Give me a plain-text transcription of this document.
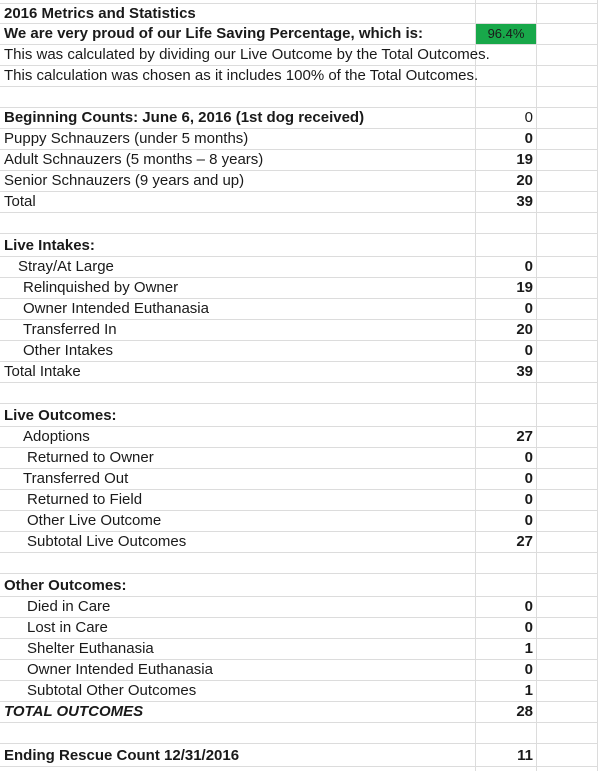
2016 Metrics and Statistics
We are very proud of our Life Saving Percentage, which is:	96.4%
This was calculated by dividing our Live Outcome by the Total Outcomes.
This calculation was chosen as it includes 100% of the Total Outcomes.
Beginning Counts: June 6, 2016 (1st dog received)	0
Puppy Schnauzers (under 5 months)	0
Adult Schnauzers (5 months – 8 years)	19
Senior Schnauzers (9 years and up)	20
Total	39
Live Intakes:
Stray/At Large	0
Relinquished by Owner	19
Owner Intended Euthanasia	0
Transferred In	20
Other Intakes	0
Total Intake	39
Live Outcomes:
Adoptions	27
Returned to Owner	0
Transferred Out	0
Returned to Field	0
Other Live Outcome	0
Subtotal Live Outcomes	27
Other Outcomes:
Died in Care	0
Lost in Care	0
Shelter Euthanasia	1
Owner Intended Euthanasia	0
Subtotal Other Outcomes	1
TOTAL OUTCOMES	28
Ending Rescue Count 12/31/2016	11
